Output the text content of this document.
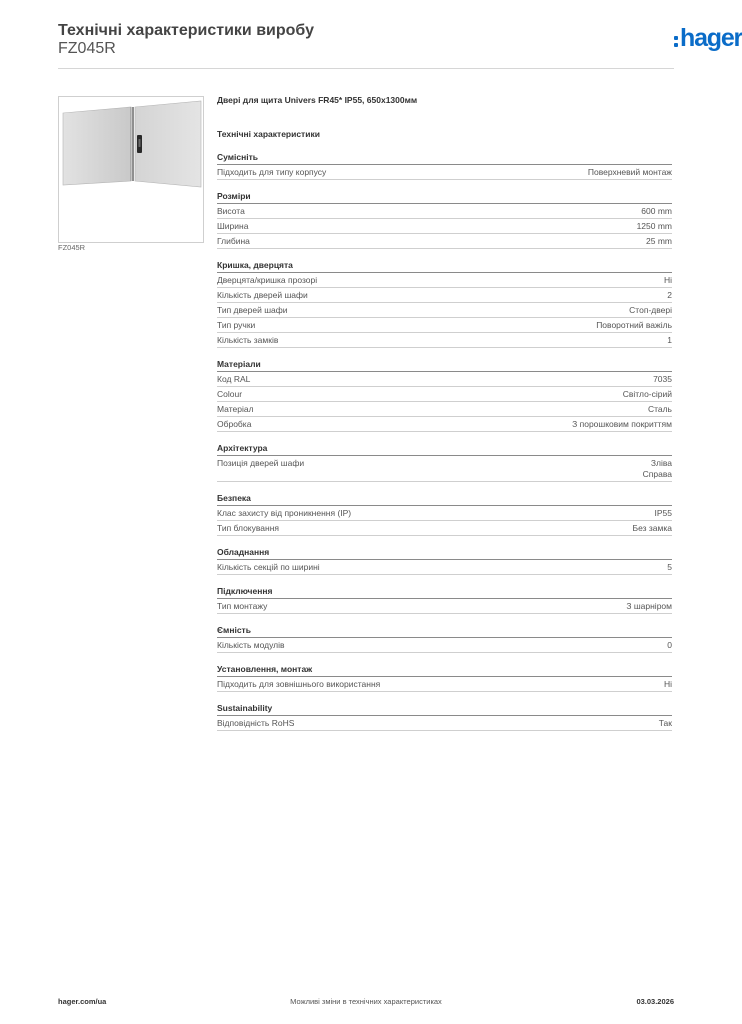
Технічні характеристики виробу
FZ045R	hager
FZ045R
Двері для щита Univers FR45* IP55, 650x1300мм
Технічні характеристики
Сумісніть
Підходить для типу корпусу	Поверхневий монтаж
Розміри
Висота	600 mm
Ширина	1250 mm
Глибина	25 mm
Кришка, дверцята
Дверцята/кришка прозорі	Ні
Кількість дверей шафи	2
Тип дверей шафи	Стоп-двері
Тип ручки	Поворотний важіль
Кількість замків	1
Матеріали
Код RAL	7035
Colour	Світло-сірий
Матеріал	Сталь
Обробка	З порошковим покриттям
Архітектура
Позиція дверей шафи	Зліва
Справа
Безпека
Клас захисту від проникнення (IP)	IP55
Тип блокування	Без замка
Обладнання
Кількість секцій по ширині	5
Підключення
Тип монтажу	З шарніром
Ємність
Кількість модулів	0
Установлення, монтаж
Підходить для зовнішнього використання	Ні
Sustainability
Відповідність RoHS	Так
hager.com/ua	Можливі зміни в технічних характеристиках	03.03.2026
